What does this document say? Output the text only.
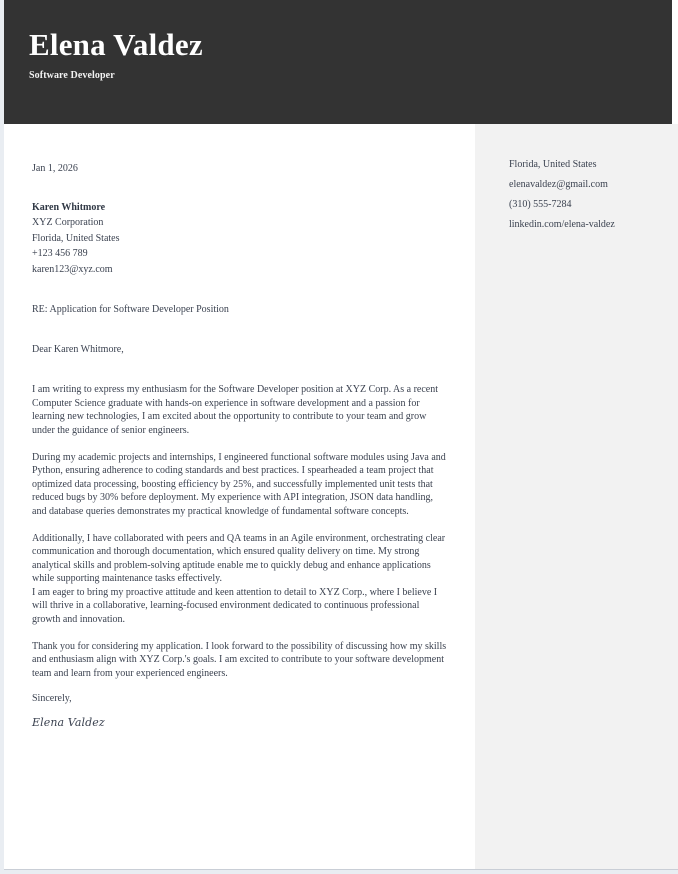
Elena Valdez
Software Developer
Jan 1, 2026
Karen Whitmore
XYZ Corporation
Florida, United States
+123 456 789
karen123@xyz.com
RE: Application for Software Developer Position
Dear Karen Whitmore,

I am writing to express my enthusiasm for the Software Developer position at XYZ Corp. As a recent Computer Science graduate with hands-on experience in software development and a passion for learning new technologies, I am excited about the opportunity to contribute to your team and grow under the guidance of senior engineers.

During my academic projects and internships, I engineered functional software modules using Java and Python, ensuring adherence to coding standards and best practices. I spearheaded a team project that optimized data processing, boosting efficiency by 25%, and successfully implemented unit tests that reduced bugs by 30% before deployment. My experience with API integration, JSON data handling, and database queries demonstrates my practical knowledge of fundamental software concepts.

Additionally, I have collaborated with peers and QA teams in an Agile environment, orchestrating clear communication and thorough documentation, which ensured quality delivery on time. My strong analytical skills and problem-solving aptitude enable me to quickly debug and enhance applications while supporting maintenance tasks effectively.

I am eager to bring my proactive attitude and keen attention to detail to XYZ Corp., where I believe I will thrive in a collaborative, learning-focused environment dedicated to continuous professional growth and innovation.

Thank you for considering my application. I look forward to the possibility of discussing how my skills and enthusiasm align with XYZ Corp.'s goals. I am excited to contribute to your software development team and learn from your experienced engineers.

Sincerely,
Elena Valdez
Florida, United States
elenavaldez@gmail.com
(310) 555-7284
linkedin.com/elena-valdez
